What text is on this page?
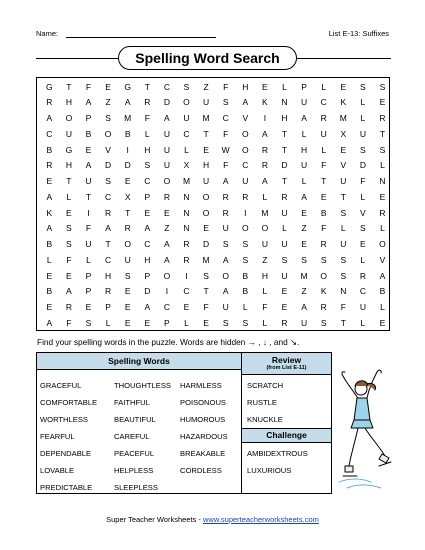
Name:	List E-13: Suffixes
Spelling Word Search
G	T	F	E	G	T	C	S	Z	F	H	E	L	P	L	E	S	S
R	H	A	Z	A	R	D	O	U	S	A	K	N	U	C	K	L	E
A	O	P	S	M	F	A	U	M	C	V	I	H	A	R	M	L	R
C	U	B	O	B	L	U	C	T	F	O	A	T	L	U	X	U	T
B	G	E	V	I	H	U	L	E	W	O	R	T	H	L	E	S	S
R	H	A	D	D	S	U	X	H	F	C	R	D	U	F	V	D	L
E	T	U	S	E	C	O	M	U	A	U	A	T	L	T	U	F	N
A	L	T	C	X	P	R	N	O	R	R	L	R	A	E	T	L	E
K	E	I	R	T	E	E	N	O	R	I	M	U	E	B	S	V	R
A	S	F	A	R	A	Z	N	E	U	O	O	L	Z	F	L	S	L
B	S	U	T	O	C	A	R	D	S	S	U	U	E	R	U	E	O
L	F	L	C	U	H	A	R	M	A	S	Z	S	S	S	S	L	V
E	E	P	H	S	P	O	I	S	O	B	H	U	M	O	S	R	A
B	A	P	R	E	D	I	C	T	A	B	L	E	Z	K	N	C	B
E	R	E	P	E	A	C	E	F	U	L	F	E	A	R	F	U	L
A	F	S	L	E	E	P	L	E	S	S	L	R	U	S	T	L	E
Find your spelling words in the puzzle. Words are hidden → , ↓ , and ↘.
Spelling Words
GRACEFUL
COMFORTABLE
WORTHLESS
FEARFUL
DEPENDABLE
LOVABLE
PREDICTABLE
THOUGHTLESS
FAITHFUL
BEAUTIFUL
CAREFUL
PEACEFUL
HELPLESS
SLEEPLESS
HARMLESS
POISONOUS
HUMOROUS
HAZARDOUS
BREAKABLE
CORDLESS
Review
(from List E-11)
SCRATCH
RUSTLE
KNUCKLE
Challenge
AMBIDEXTROUS
LUXURIOUS
Super Teacher Worksheets - www.superteacherworksheets.com
